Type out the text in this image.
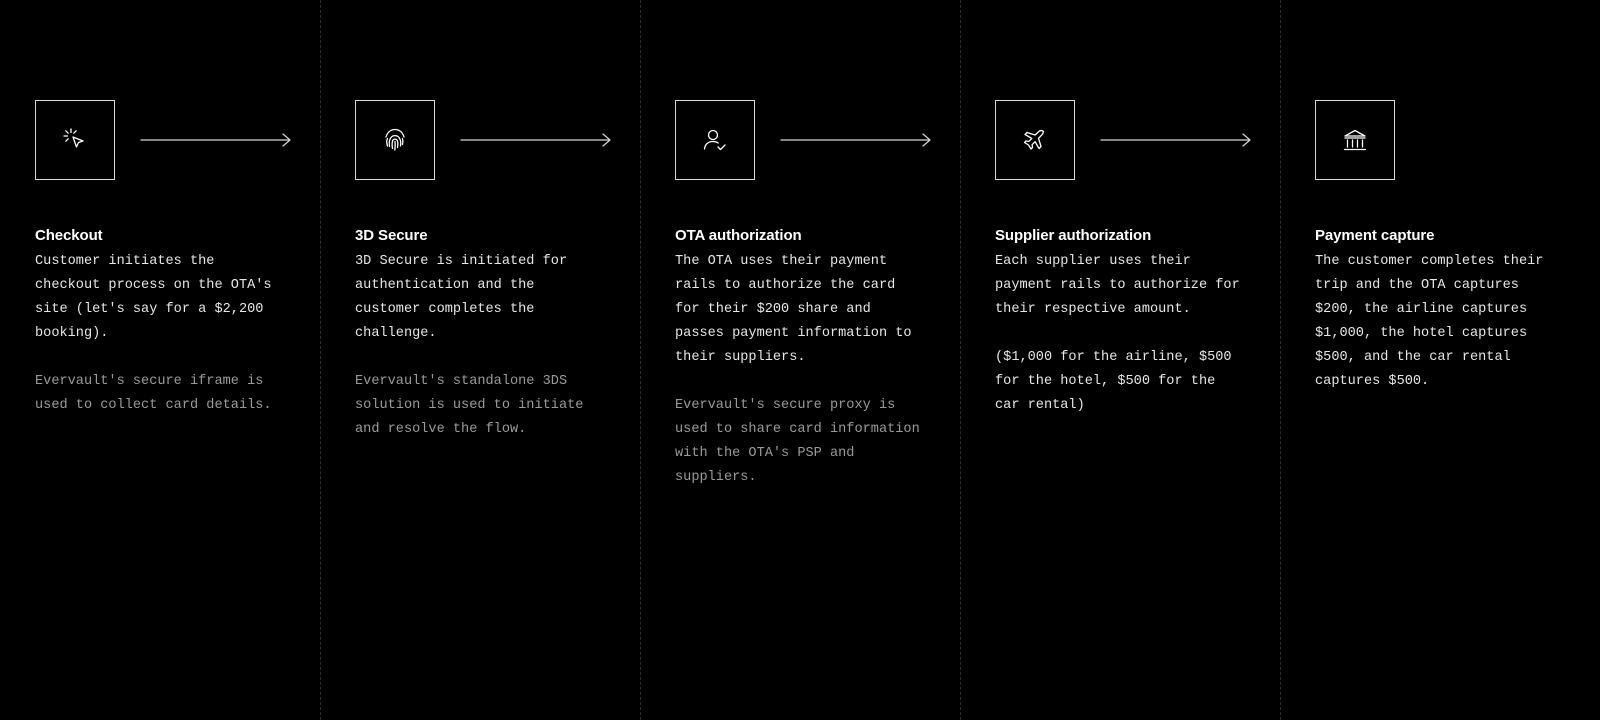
Checkout

Customer initiates the
checkout process on the OTA's
site (let's say for a $2,200
booking).

Evervault's secure iframe is
used to collect card details.

3D Secure

3D Secure is initiated for
authentication and the
customer completes the
challenge.

Evervault's standalone 3DS
solution is used to initiate
and resolve the flow.

OTA authorization

The OTA uses their payment
rails to authorize the card
for their $200 share and
passes payment information to
their suppliers.

Evervault's secure proxy is
used to share card information
with the OTA's PSP and
suppliers.

Supplier authorization

Each supplier uses their
payment rails to authorize for
their respective amount.

($1,000 for the airline, $500
for the hotel, $500 for the
car rental)

Payment capture

The customer completes their
trip and the OTA captures
$200, the airline captures
$1,000, the hotel captures
$500, and the car rental
captures $500.
